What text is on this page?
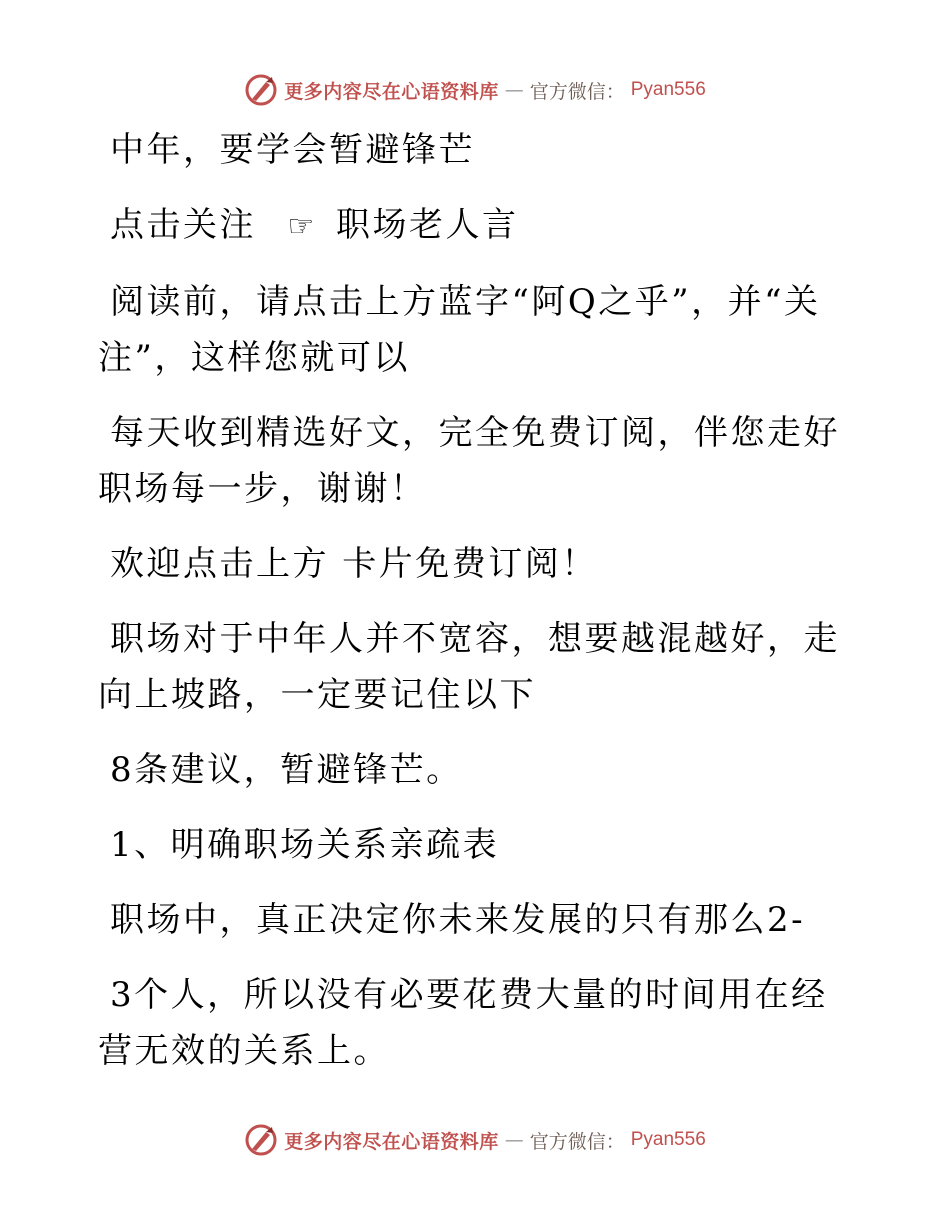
更多内容尽在心语资料库 — 官方微信： Pyan556

中年，要学会暂避锋芒

点击关注 ☞ 职场老人言

阅读前，请点击上方蓝字“阿Q之乎”，并“关注”，这样您就可以

每天收到精选好文，完全免费订阅，伴您走好职场每一步，谢谢！

欢迎点击上方 卡片免费订阅！

职场对于中年人并不宽容，想要越混越好，走向上坡路，一定要记住以下

8条建议，暂避锋芒。

1、明确职场关系亲疏表

职场中，真正决定你未来发展的只有那么2-

3个人，所以没有必要花费大量的时间用在经营无效的关系上。

更多内容尽在心语资料库 — 官方微信： Pyan556
